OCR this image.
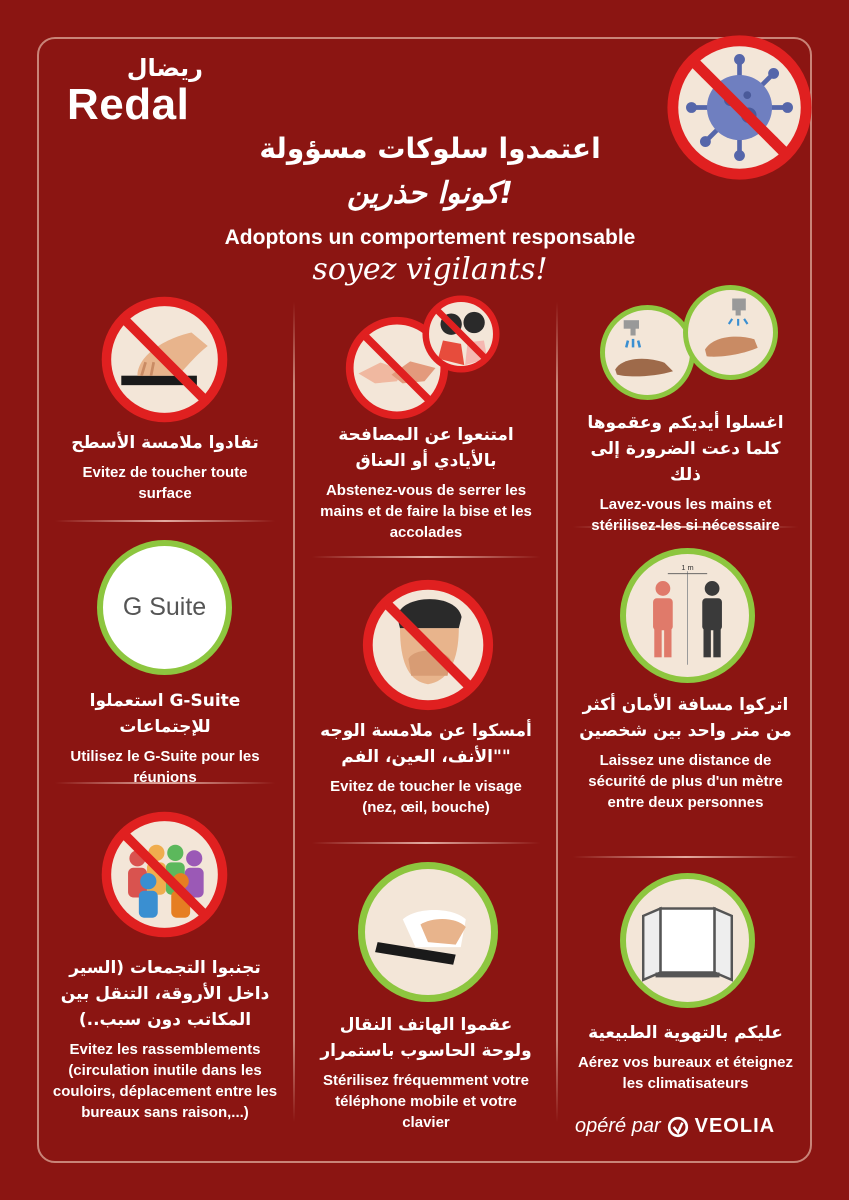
ريضال
Redal
اعتمدوا سلوكات مسؤولة
كونوا حذرين!
Adoptons un comportement responsable
soyez vigilants!
تفادوا ملامسة الأسطح
Evitez de toucher toute surface
G Suite
استعملوا G-Suite للإجتماعات
Utilisez le G-Suite pour les réunions
تجنبوا التجمعات (السير داخل الأروقة، التنقل بين المكاتب دون سبب..)
Evitez les rassemblements (circulation inutile dans les couloirs, déplacement entre les bureaux sans raison,...)
امتنعوا عن المصافحة بالأيادي أو العناق
Abstenez-vous de serrer les mains et de faire la bise et les accolades
أمسكوا عن ملامسة الوجه "الأنف، العين، الفم"
Evitez de toucher le visage (nez, œil, bouche)
عقموا الهاتف النقال ولوحة الحاسوب باستمرار
Stérilisez fréquemment votre téléphone mobile et votre clavier
اغسلوا أيديكم وعقموها كلما دعت الضرورة إلى ذلك
Lavez-vous les mains et stérilisez-les si nécessaire
1 m
اتركوا مسافة الأمان أكثر من متر واحد بين شخصين
Laissez une distance de sécurité de plus d'un mètre entre deux personnes
عليكم بالتهوية الطبيعية
Aérez vos bureaux et éteignez les climatisateurs
opéré par VEOLIA
